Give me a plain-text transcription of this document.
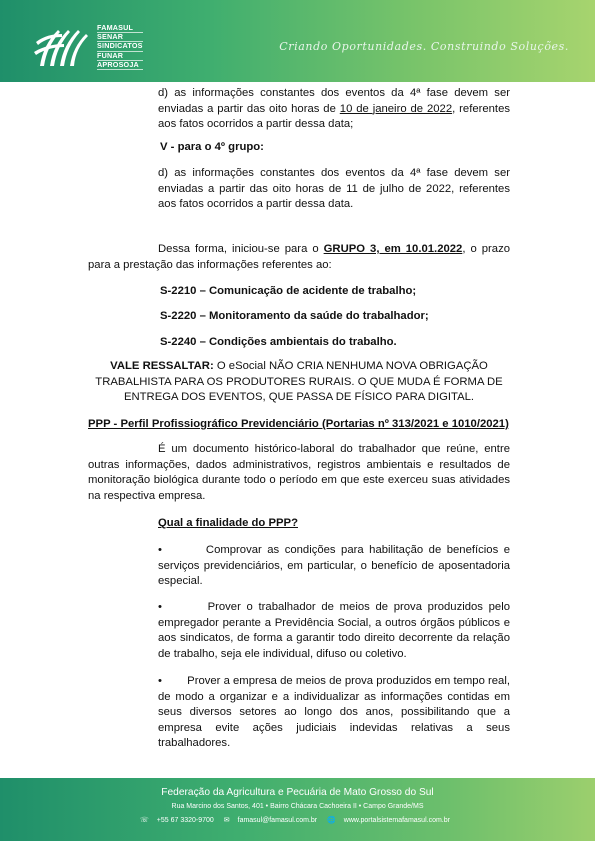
FAMASUL
SENAR
SINDICATOS
FUNAR
APROSOJA
Criando Oportunidades. Construindo Soluções.
d) as informações constantes dos eventos da 4ª fase devem ser enviadas a partir das oito horas de 10 de janeiro de 2022, referentes aos fatos ocorridos a partir dessa data;
V - para o 4º grupo:
d) as informações constantes dos eventos da 4ª fase devem ser enviadas a partir das oito horas de 11 de julho de 2022, referentes aos fatos ocorridos a partir dessa data.
Dessa forma, iniciou-se para o GRUPO 3, em 10.01.2022, o prazo para a prestação das informações referentes ao:
S-2210 – Comunicação de acidente de trabalho;
S-2220 – Monitoramento da saúde do trabalhador;
S-2240 – Condições ambientais do trabalho.
VALE RESSALTAR: O eSocial NÃO CRIA NENHUMA NOVA OBRIGAÇÃO TRABALHISTA PARA OS PRODUTORES RURAIS. O QUE MUDA É FORMA DE ENTREGA DOS EVENTOS, QUE PASSA DE FÍSICO PARA DIGITAL.
PPP - Perfil Profissiográfico Previdenciário (Portarias nº 313/2021 e 1010/2021)
É um documento histórico-laboral do trabalhador que reúne, entre outras informações, dados administrativos, registros ambientais e resultados de monitoração biológica durante todo o período em que este exerceu suas atividades na respectiva empresa.
Qual a finalidade do PPP?
•	Comprovar as condições para habilitação de benefícios e serviços previdenciários, em particular, o benefício de aposentadoria especial.
•	Prover o trabalhador de meios de prova produzidos pelo empregador perante a Previdência Social, a outros órgãos públicos e aos sindicatos, de forma a garantir todo direito decorrente da relação de trabalho, seja ele individual, difuso ou coletivo.
• Prover a empresa de meios de prova produzidos em tempo real, de modo a organizar e a individualizar as informações contidas em seus diversos setores ao longo dos anos, possibilitando que a empresa evite ações judiciais indevidas relativas a seus trabalhadores.
Federação da Agricultura e Pecuária de Mato Grosso do Sul
Rua Marcino dos Santos, 401 • Bairro Chácara Cachoeira II • Campo Grande/MS
☏ +55 67 3320-9700 ✉ famasul@famasul.com.br 🌐 www.portalsistemafamasul.com.br
